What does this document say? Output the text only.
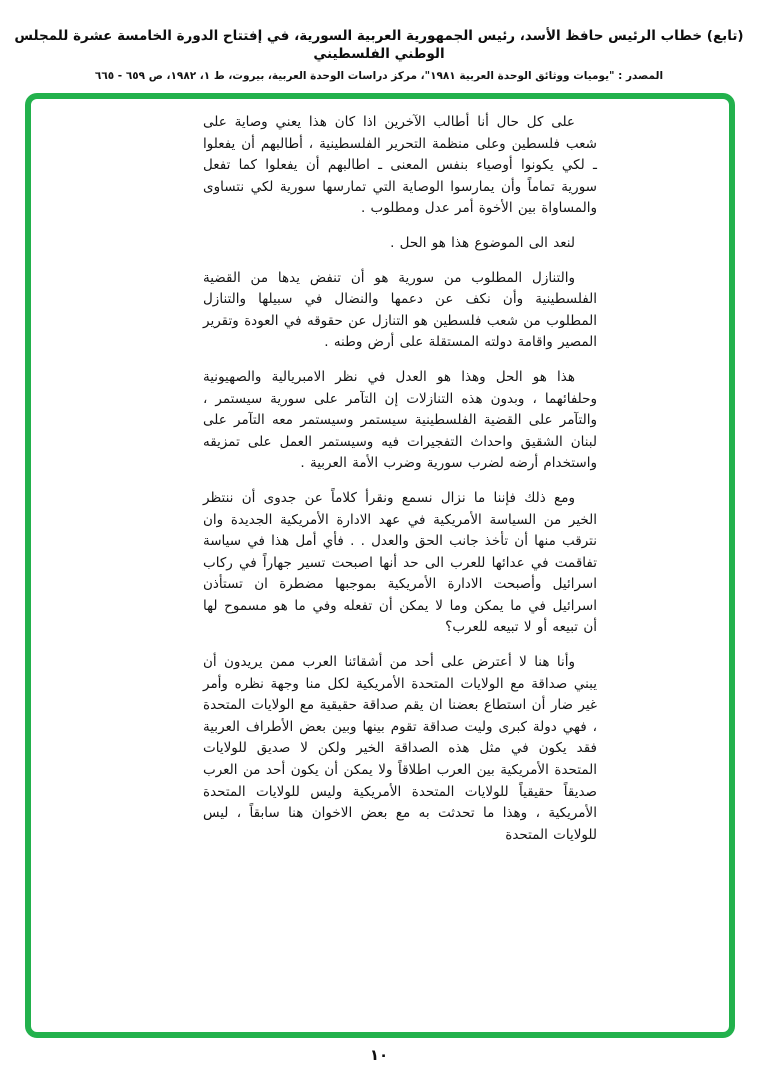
(تابع) خطاب الرئيس حافظ الأسد، رئيس الجمهورية العربية السورية، في إفتتاح الدورة الخامسة عشرة للمجلس الوطني الفلسطيني
المصدر : "يوميات ووثائق الوحدة العربية ١٩٨١"، مركز دراسات الوحدة العربية، بيروت، ط ١، ١٩٨٢، ص ٦٥٩ - ٦٦٥

على كل حال أنا أطالب الآخرين اذا كان هذا يعني وصاية على شعب فلسطين وعلى منظمة التحرير الفلسطينية ، أطالبهم أن يفعلوا ـ لكي يكونوا أوصياء بنفس المعنى ـ اطالبهم أن يفعلوا كما تفعل سورية تماماً وأن يمارسوا الوصاية التي تمارسها سورية لكي نتساوى والمساواة بين الأخوة أمر عدل ومطلوب .

لنعد الى الموضوع هذا هو الحل .

والتنازل المطلوب من سورية هو أن تنفض يدها من القضية الفلسطينية وأن نكف عن دعمها والنضال في سبيلها والتنازل المطلوب من شعب فلسطين هو التنازل عن حقوقه في العودة وتقرير المصير واقامة دولته المستقلة على أرض وطنه .

هذا هو الحل وهذا هو العدل في نظر الامبريالية والصهيونية وحلفائهما ، وبدون هذه التنازلات إن التآمر على سورية سيستمر ، والتآمر على القضية الفلسطينية سيستمر وسيستمر معه التآمر على لبنان الشقيق واحداث التفجيرات فيه وسيستمر العمل على تمزيقه واستخدام أرضه لضرب سورية وضرب الأمة العربية .

ومع ذلك فإننا ما نزال نسمع ونقرأ كلاماً عن جدوى أن ننتظر الخير من السياسة الأمريكية في عهد الادارة الأمريكية الجديدة وان نترقب منها أن تأخذ جانب الحق والعدل . . فأي أمل هذا في سياسة تفاقمت في عدائها للعرب الى حد أنها اصبحت تسير جهاراً في ركاب اسرائيل وأصبحت الادارة الأمريكية بموجبها مضطرة ان تستأذن اسرائيل في ما يمكن وما لا يمكن أن تفعله وفي ما هو مسموح لها أن تبيعه أو لا تبيعه للعرب؟

وأنا هنا لا أعترض على أحد من أشقائنا العرب ممن يريدون أن يبني صداقة مع الولايات المتحدة الأمريكية لكل منا وجهة نظره وأمر غير ضار أن استطاع بعضنا ان يقم صداقة حقيقية مع الولايات المتحدة ، فهي دولة كبرى وليت صداقة تقوم بينها وبين بعض الأطراف العربية فقد يكون في مثل هذه الصداقة الخير ولكن لا صديق للولايات المتحدة الأمريكية بين العرب اطلاقاً ولا يمكن أن يكون أحد من العرب صديقاً حقيقياً للولايات المتحدة الأمريكية وليس للولايات المتحدة الأمريكية ، وهذا ما تحدثت به مع بعض الاخوان هنا سابقاً ، ليس للولايات المتحدة

١٠
